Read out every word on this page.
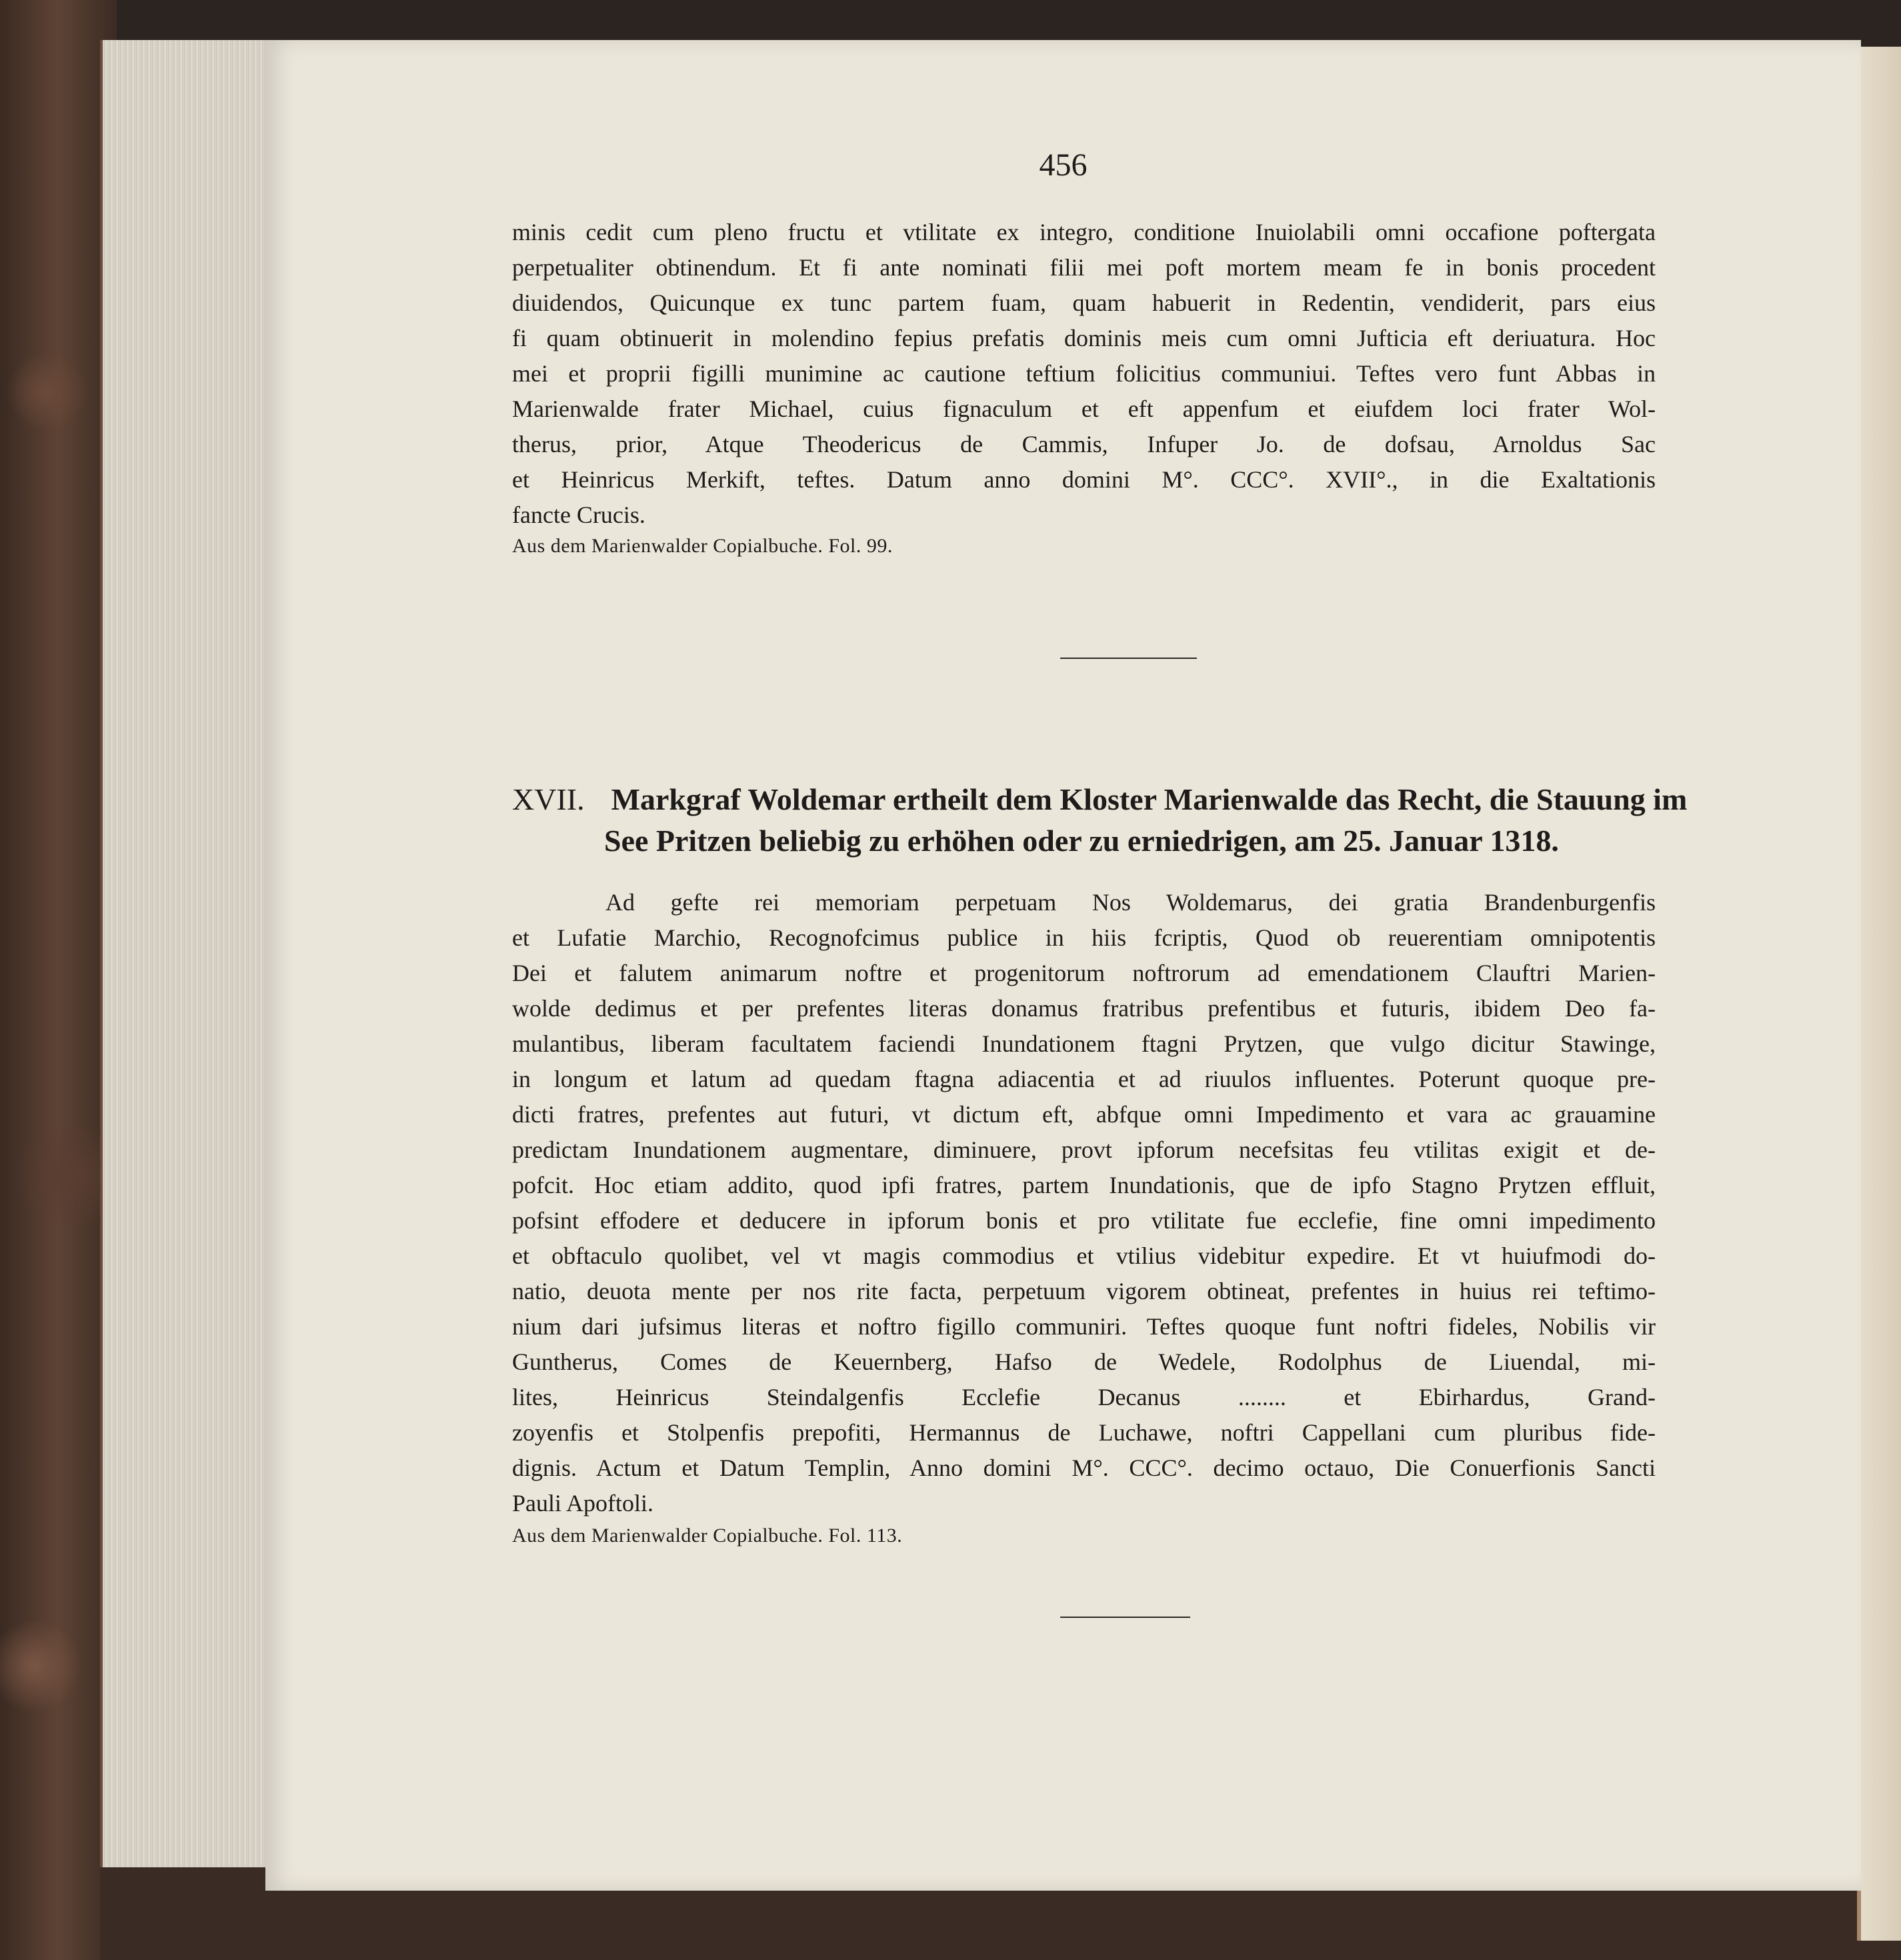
456
minis cedit cum pleno fructu et vtilitate ex integro, conditione Inuiolabili omni occafione poftergata
perpetualiter obtinendum. Et fi ante nominati filii mei poft mortem meam fe in bonis procedent
diuidendos, Quicunque ex tunc partem fuam, quam habuerit in Redentin, vendiderit, pars eius
fi quam obtinuerit in molendino fepius prefatis dominis meis cum omni Jufticia eft deriuatura. Hoc
mei et proprii figilli munimine ac cautione teftium folicitius communiui. Teftes vero funt Abbas in
Marienwalde frater Michael, cuius fignaculum et eft appenfum et eiufdem loci frater Wol-
therus, prior, Atque Theodericus de Cammis, Infuper Jo. de dofsau, Arnoldus Sac
et Heinricus Merkift, teftes. Datum anno domini M°. CCC°. XVII°., in die Exaltationis
fancte Crucis.
Aus dem Marienwalder Copialbuche. Fol. 99.
XVII. Markgraf Woldemar ertheilt dem Kloster Marienwalde das Recht, die Stauung im
See Pritzen beliebig zu erhöhen oder zu erniedrigen, am 25. Januar 1318.
Ad gefte rei memoriam perpetuam Nos Woldemarus, dei gratia Brandenburgenfis
et Lufatie Marchio, Recognofcimus publice in hiis fcriptis, Quod ob reuerentiam omnipotentis
Dei et falutem animarum noftre et progenitorum noftrorum ad emendationem Clauftri Marien-
wolde dedimus et per prefentes literas donamus fratribus prefentibus et futuris, ibidem Deo fa-
mulantibus, liberam facultatem faciendi Inundationem ftagni Prytzen, que vulgo dicitur Stawinge,
in longum et latum ad quedam ftagna adiacentia et ad riuulos influentes. Poterunt quoque pre-
dicti fratres, prefentes aut futuri, vt dictum eft, abfque omni Impedimento et vara ac grauamine
predictam Inundationem augmentare, diminuere, provt ipforum necefsitas feu vtilitas exigit et de-
pofcit. Hoc etiam addito, quod ipfi fratres, partem Inundationis, que de ipfo Stagno Prytzen effluit,
pofsint effodere et deducere in ipforum bonis et pro vtilitate fue ecclefie, fine omni impedimento
et obftaculo quolibet, vel vt magis commodius et vtilius videbitur expedire. Et vt huiufmodi do-
natio, deuota mente per nos rite facta, perpetuum vigorem obtineat, prefentes in huius rei teftimo-
nium dari jufsimus literas et noftro figillo communiri. Teftes quoque funt noftri fideles, Nobilis vir
Guntherus, Comes de Keuernberg, Hafso de Wedele, Rodolphus de Liuendal, mi-
lites, Heinricus Steindalgenfis Ecclefie Decanus ........ et Ebirhardus, Grand-
zoyenfis et Stolpenfis prepofiti, Hermannus de Luchawe, noftri Cappellani cum pluribus fide-
dignis. Actum et Datum Templin, Anno domini M°. CCC°. decimo octauo, Die Conuerfionis Sancti
Pauli Apoftoli.
Aus dem Marienwalder Copialbuche. Fol. 113.
